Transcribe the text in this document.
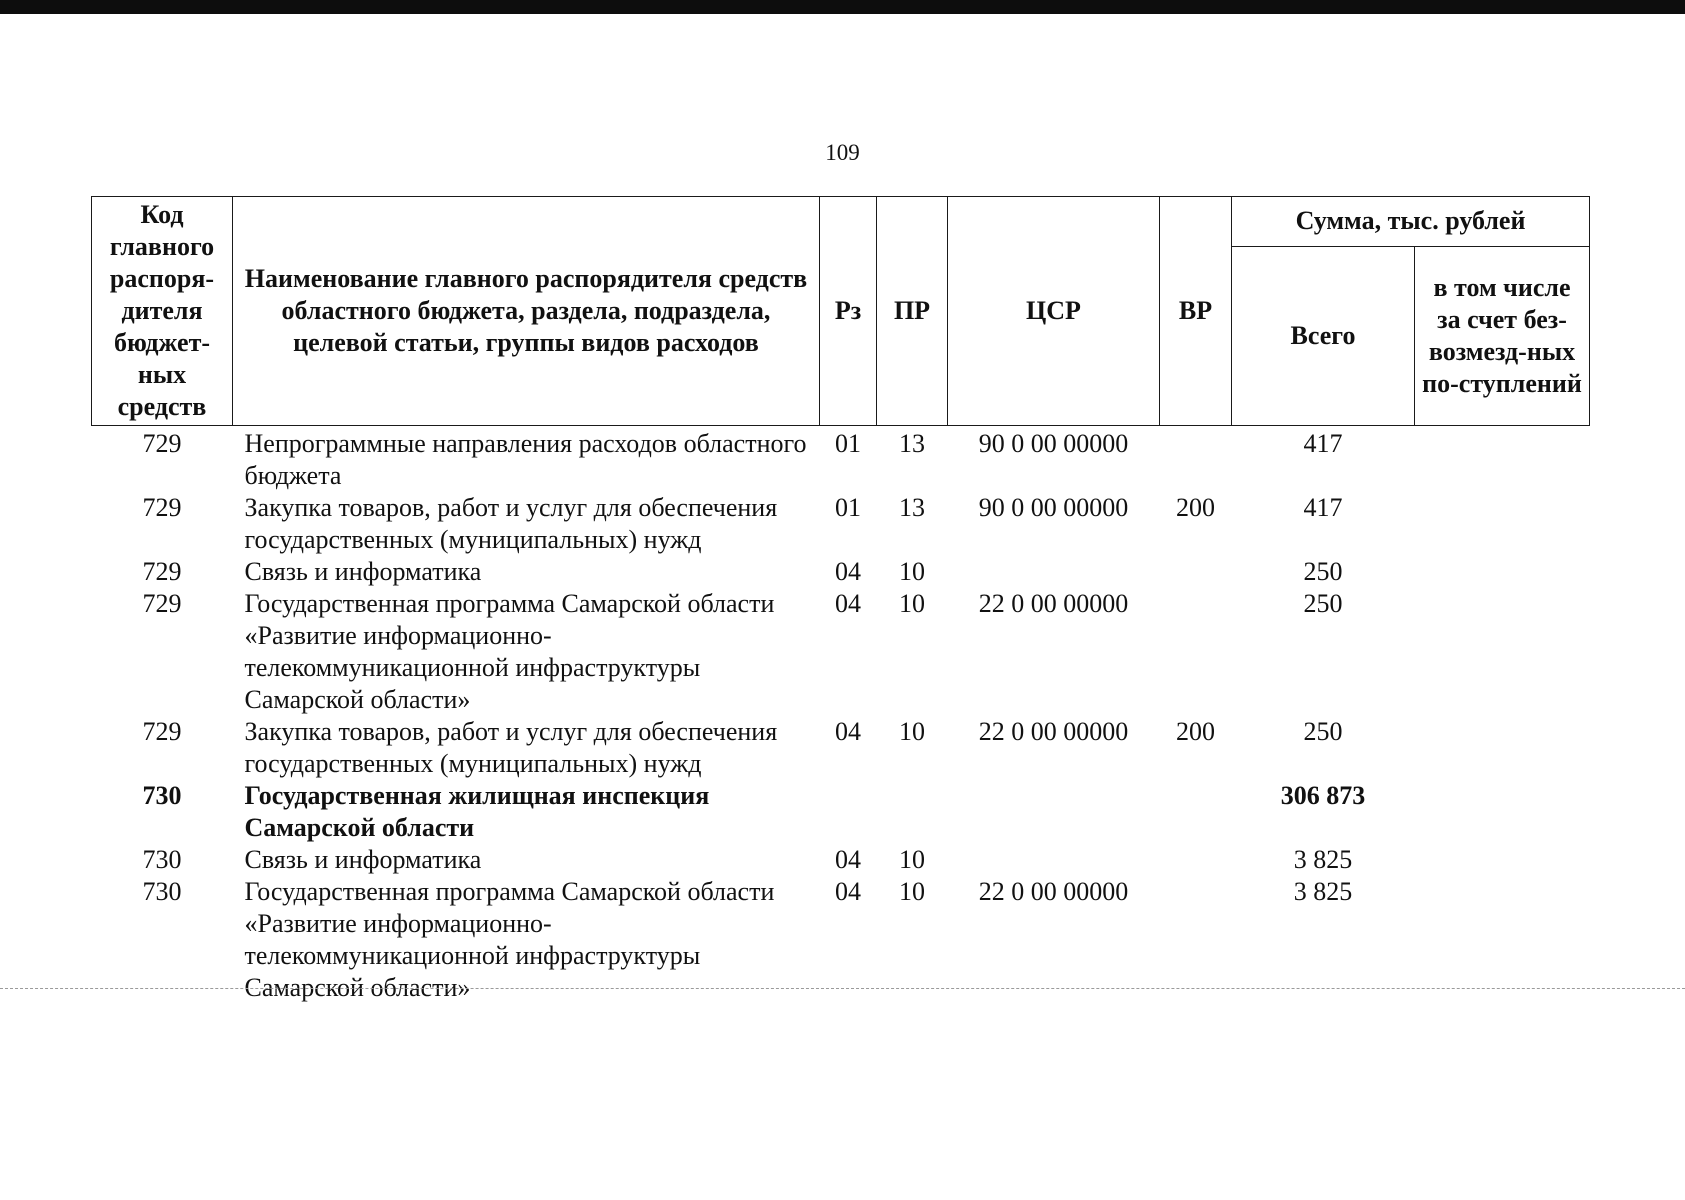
109
Код главного распоря-дителя бюджет-ных средств	Наименование главного распорядителя средств областного бюджета, раздела, подраздела, целевой статьи, группы видов расходов	Рз	ПР	ЦСР	ВР	Сумма, тыс. рублей	
						Всего	в том числе за счет без-возмезд-ных по-ступлений
729	Непрограммные направления расходов областного бюджета	01	13	90 0 00 00000		417	
729	Закупка товаров, работ и услуг для обеспечения государственных (муниципальных) нужд	01	13	90 0 00 00000	200	417	
729	Связь и информатика	04	10			250	
729	Государственная программа Самарской области «Развитие информационно-телекоммуникационной инфраструктуры Самарской области»	04	10	22 0 00 00000		250	
729	Закупка товаров, работ и услуг для обеспечения государственных (муниципальных) нужд	04	10	22 0 00 00000	200	250	
730	Государственная жилищная инспекция Самарской области					306 873	
730	Связь и информатика	04	10			3 825	
730	Государственная программа Самарской области «Развитие информационно-телекоммуникационной инфраструктуры Самарской области»	04	10	22 0 00 00000		3 825	
